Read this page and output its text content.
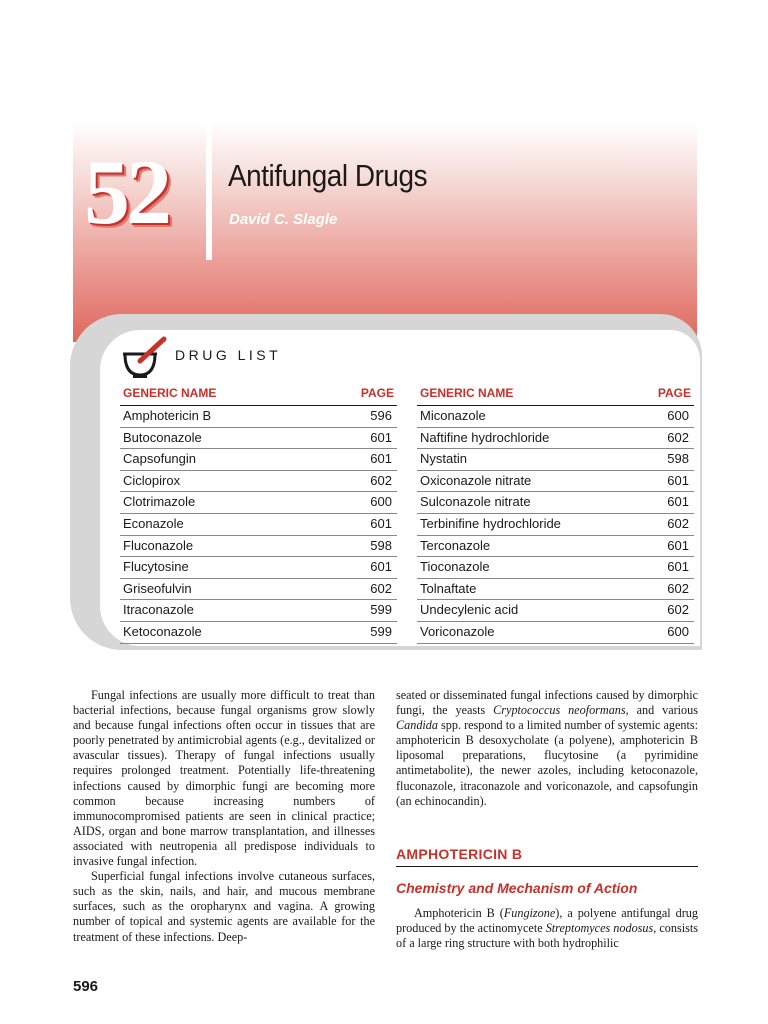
52	Antifungal Drugs
David C. Slagle
DRUG LIST
GENERIC NAME	PAGE
Amphotericin B	596
Butoconazole	601
Capsofungin	601
Ciclopirox	602
Clotrimazole	600
Econazole	601
Fluconazole	598
Flucytosine	601
Griseofulvin	602
Itraconazole	599
Ketoconazole	599
GENERIC NAME	PAGE
Miconazole	600
Naftifine hydrochloride	602
Nystatin	598
Oxiconazole nitrate	601
Sulconazole nitrate	601
Terbinifine hydrochloride	602
Terconazole	601
Tioconazole	601
Tolnaftate	602
Undecylenic acid	602
Voriconazole	600

Fungal infections are usually more difficult to treat than bacterial infections, because fungal organisms grow slowly and because fungal infections often occur in tissues that are poorly penetrated by antimicrobial agents (e.g., devitalized or avascular tissues). Therapy of fungal infections usually requires prolonged treatment. Potentially life-threatening infections caused by dimorphic fungi are becoming more common because increasing numbers of immunocompromised patients are seen in clinical practice; AIDS, organ and bone marrow transplantation, and illnesses associated with neutropenia all predispose individuals to invasive fungal infection.

Superficial fungal infections involve cutaneous surfaces, such as the skin, nails, and hair, and mucous membrane surfaces, such as the oropharynx and vagina. A growing number of topical and systemic agents are available for the treatment of these infections. Deep-

seated or disseminated fungal infections caused by dimorphic fungi, the yeasts Cryptococcus neoformans, and various Candida spp. respond to a limited number of systemic agents: amphotericin B desoxycholate (a polyene), amphotericin B liposomal preparations, flucytosine (a pyrimidine antimetabolite), the newer azoles, including ketoconazole, fluconazole, itraconazole and voriconazole, and capsofungin (an echinocandin).

AMPHOTERICIN B
Chemistry and Mechanism of Action

Amphotericin B (Fungizone), a polyene antifungal drug produced by the actinomycete Streptomyces nodosus, consists of a large ring structure with both hydrophilic

596
